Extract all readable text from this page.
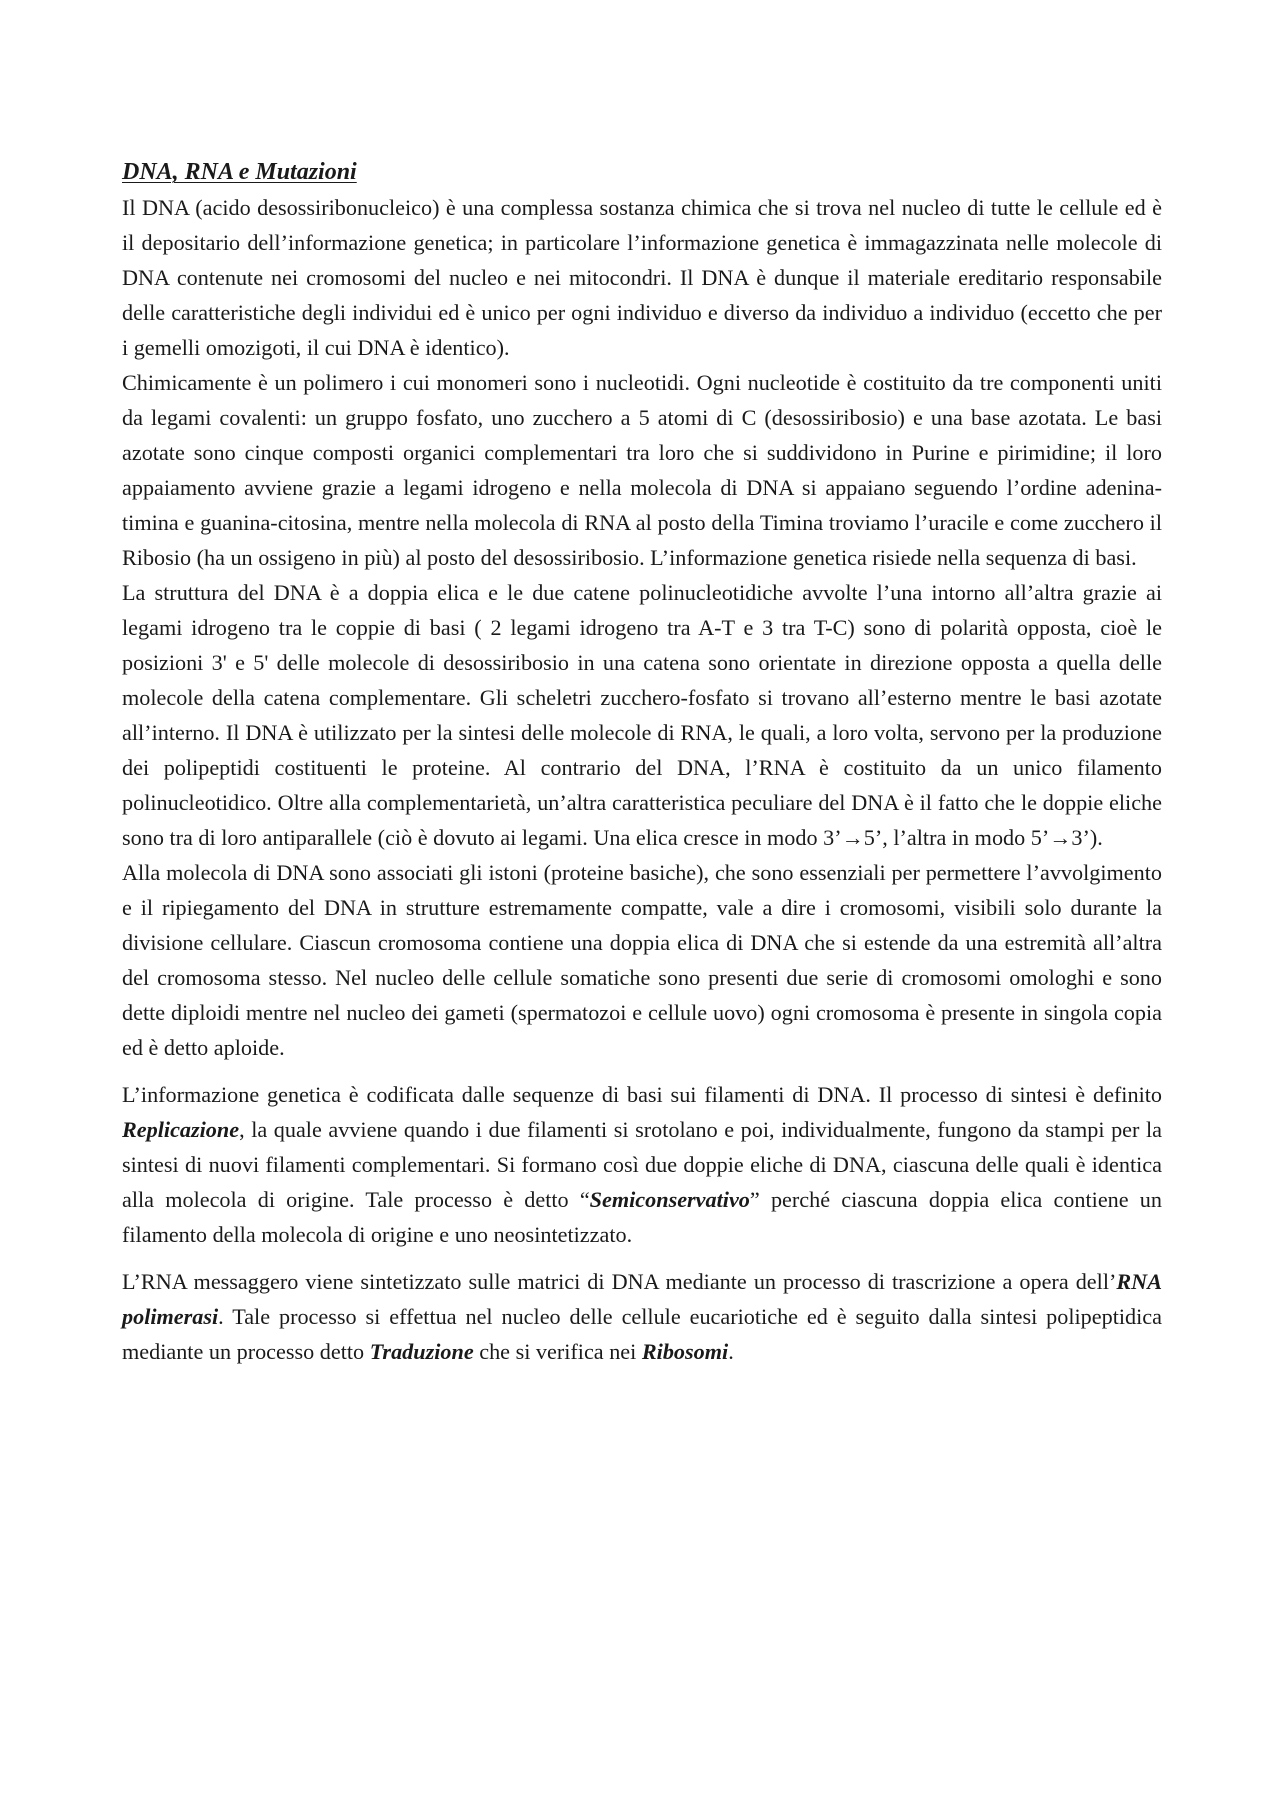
DNA, RNA e Mutazioni

Il DNA (acido desossiribonucleico) è una complessa sostanza chimica che si trova nel nucleo di tutte le cellule ed è il depositario dell’informazione genetica; in particolare l’informazione genetica è immagazzinata nelle molecole di DNA contenute nei cromosomi del nucleo e nei mitocondri. Il DNA è dunque il materiale ereditario responsabile delle caratteristiche degli individui ed è unico per ogni individuo e diverso da individuo a individuo (eccetto che per i gemelli omozigoti, il cui DNA è identico).

Chimicamente è un polimero i cui monomeri sono i nucleotidi. Ogni nucleotide è costituito da tre componenti uniti da legami covalenti: un gruppo fosfato, uno zucchero a 5 atomi di C (desossiribosio) e una base azotata. Le basi azotate sono cinque composti organici complementari tra loro che si suddividono in Purine e pirimidine; il loro appaiamento avviene grazie a legami idrogeno e nella molecola di DNA si appaiano seguendo l’ordine adenina-timina e guanina-citosina, mentre nella molecola di RNA al posto della Timina troviamo l’uracile e come zucchero il Ribosio (ha un ossigeno in più) al posto del desossiribosio. L’informazione genetica risiede nella sequenza di basi.

La struttura del DNA è a doppia elica e le due catene polinucleotidiche avvolte l’una intorno all’altra grazie ai legami idrogeno tra le coppie di basi ( 2 legami idrogeno tra A-T e 3 tra T-C) sono di polarità opposta, cioè le posizioni 3' e 5' delle molecole di desossiribosio in una catena sono orientate in direzione opposta a quella delle molecole della catena complementare. Gli scheletri zucchero-fosfato si trovano all’esterno mentre le basi azotate all’interno. Il DNA è utilizzato per la sintesi delle molecole di RNA, le quali, a loro volta, servono per la produzione dei polipeptidi costituenti le proteine. Al contrario del DNA, l’RNA è costituito da un unico filamento polinucleotidico. Oltre alla complementarietà, un’altra caratteristica peculiare del DNA è il fatto che le doppie eliche sono tra di loro antiparallele (ciò è dovuto ai legami. Una elica cresce in modo 3’→5’, l’altra in modo 5’→3’).

Alla molecola di DNA sono associati gli istoni (proteine basiche), che sono essenziali per permettere l’avvolgimento e il ripiegamento del DNA in strutture estremamente compatte, vale a dire i cromosomi, visibili solo durante la divisione cellulare. Ciascun cromosoma contiene una doppia elica di DNA che si estende da una estremità all’altra del cromosoma stesso. Nel nucleo delle cellule somatiche sono presenti due serie di cromosomi omologhi e sono dette diploidi mentre nel nucleo dei gameti (spermatozoi e cellule uovo) ogni cromosoma è presente in singola copia ed è detto aploide.

L’informazione genetica è codificata dalle sequenze di basi sui filamenti di DNA. Il processo di sintesi è definito Replicazione, la quale avviene quando i due filamenti si srotolano e poi, individualmente, fungono da stampi per la sintesi di nuovi filamenti complementari. Si formano così due doppie eliche di DNA, ciascuna delle quali è identica alla molecola di origine. Tale processo è detto “Semiconservativo” perché ciascuna doppia elica contiene un filamento della molecola di origine e uno neosintetizzato.

L’RNA messaggero viene sintetizzato sulle matrici di DNA mediante un processo di trascrizione a opera dell’RNA polimerasi. Tale processo si effettua nel nucleo delle cellule eucariotiche ed è seguito dalla sintesi polipeptidica mediante un processo detto Traduzione che si verifica nei Ribosomi.
